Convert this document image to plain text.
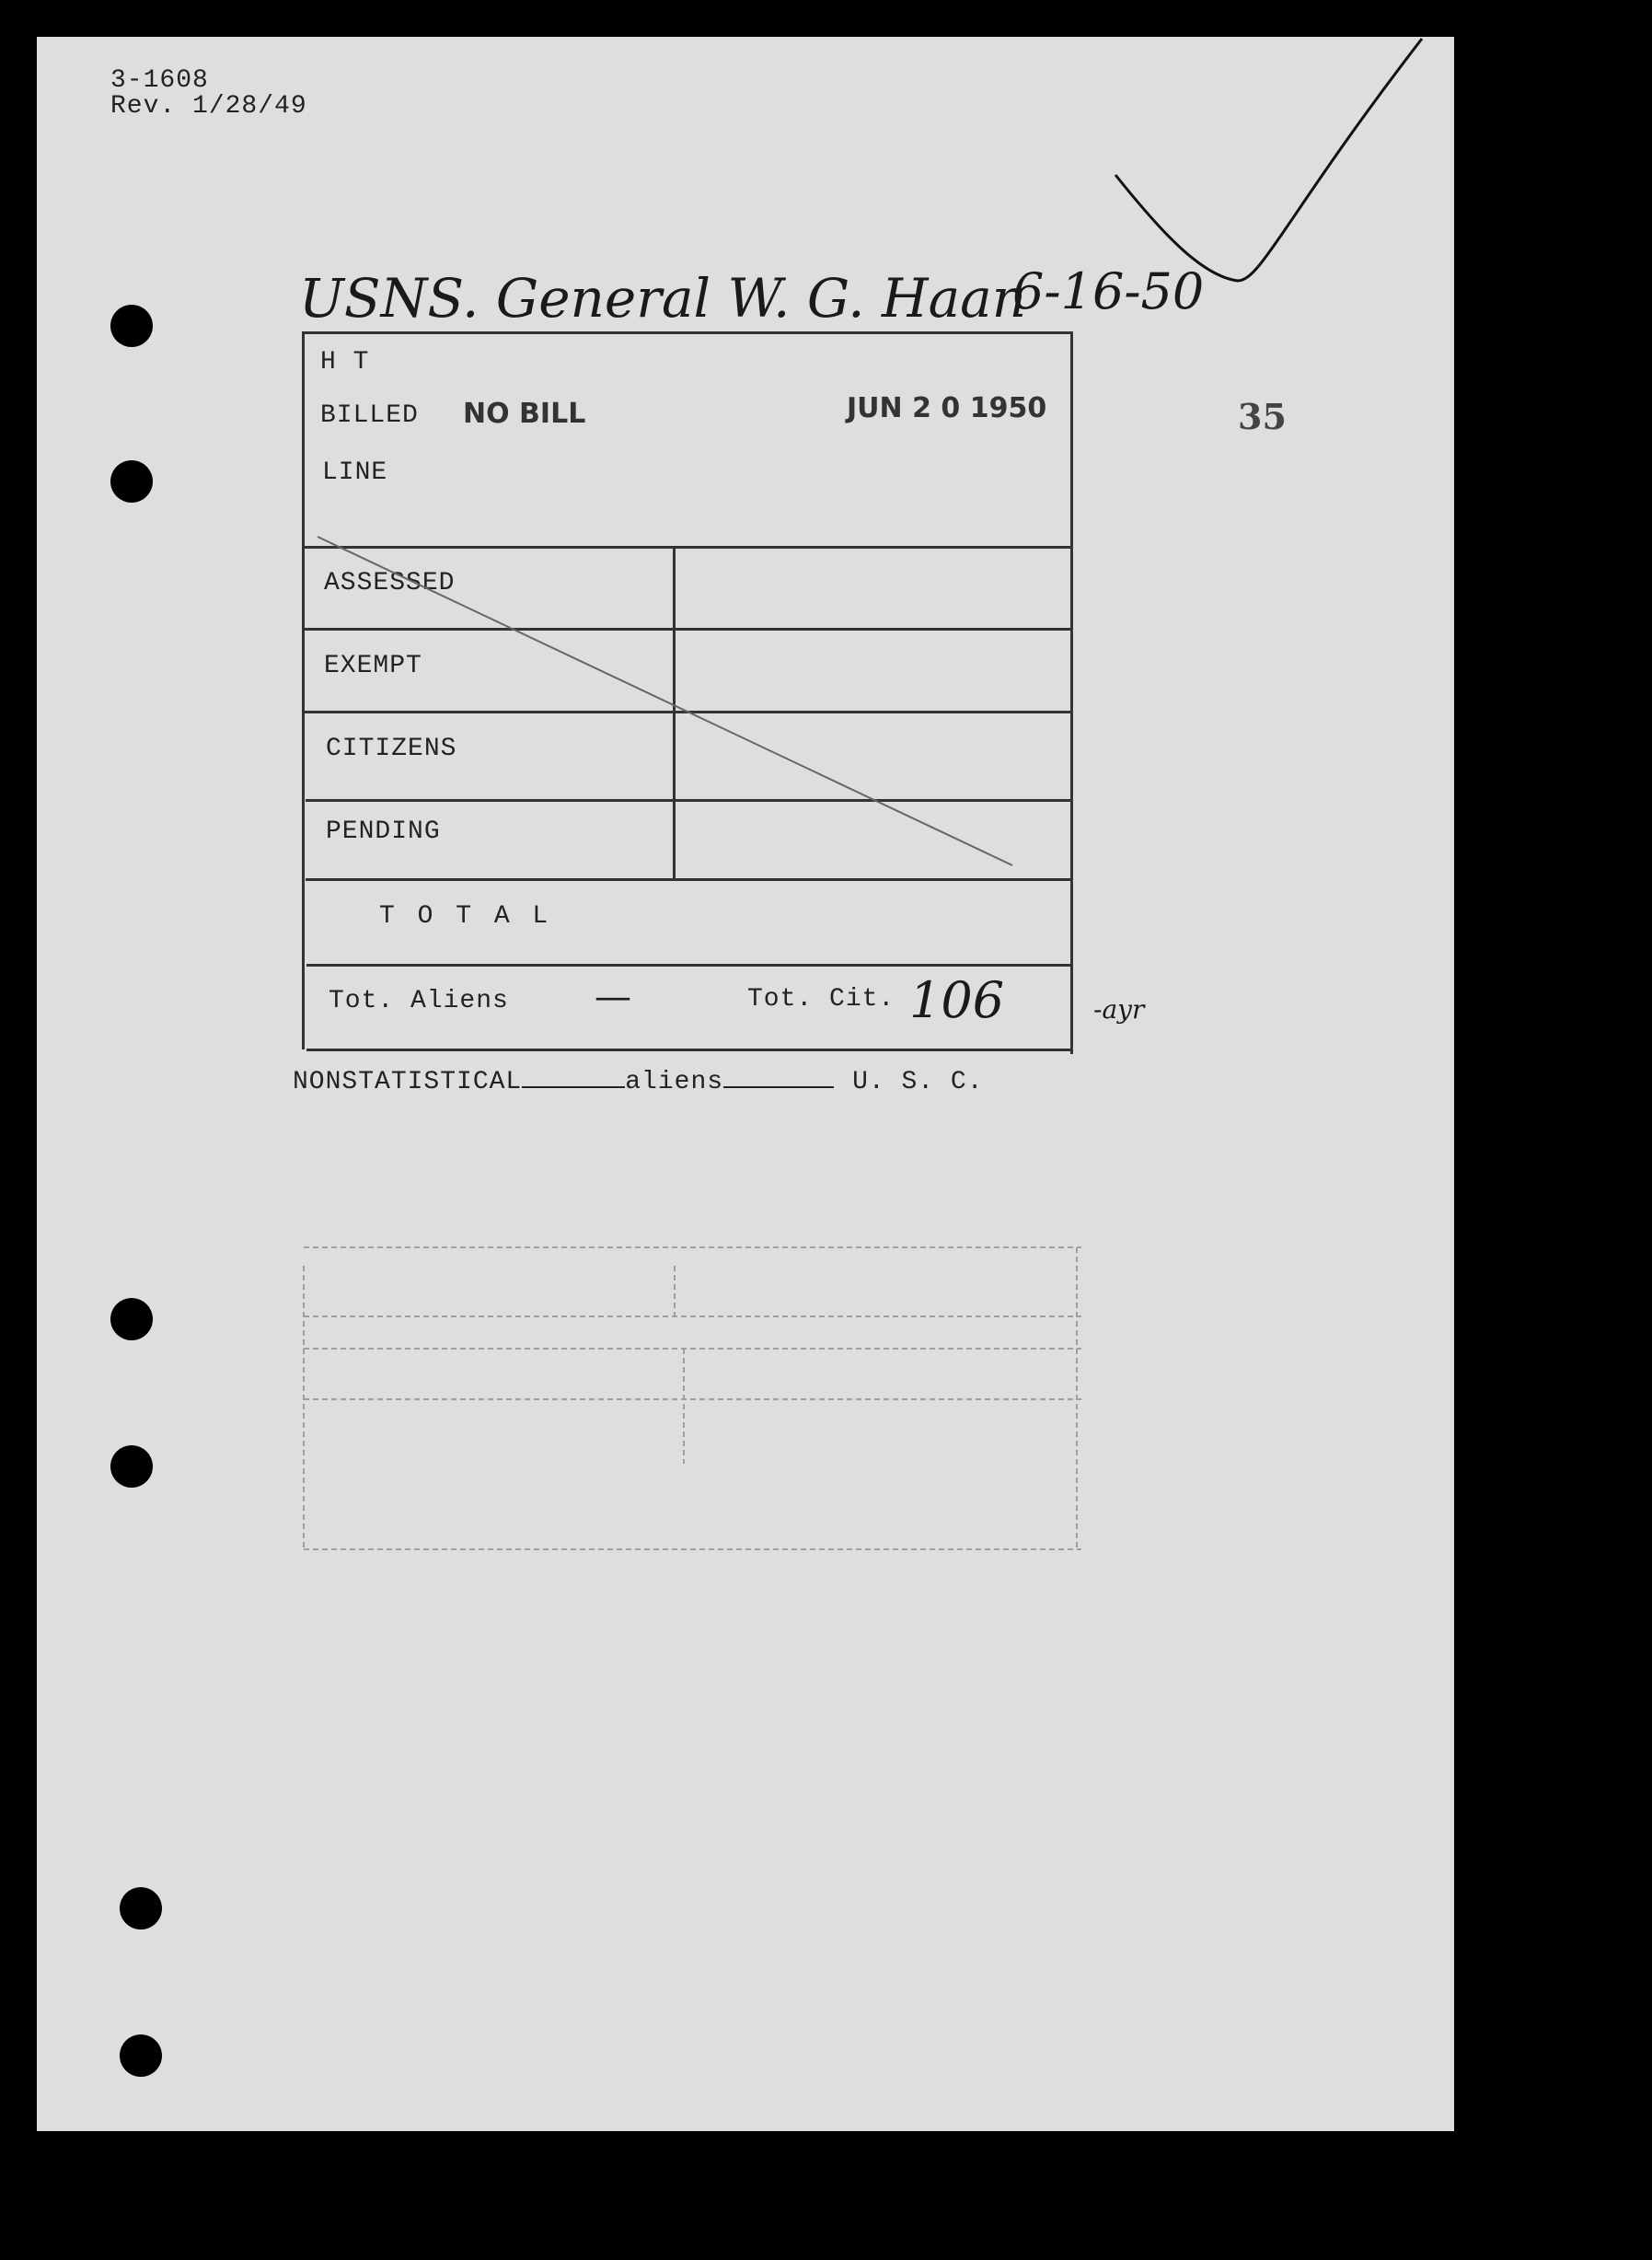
3-1608
Rev. 1/28/49
USNS. General W. G. Haan
6-16-50
35
H T
BILLED NO BILL	JUN 2 0 1950
LINE
ASSESSED
EXEMPT
CITIZENS
PENDING
T O T A L
Tot. Aliens —	Tot. Cit. 106	-ayr
NONSTATISTICAL	aliens	U. S. C.
